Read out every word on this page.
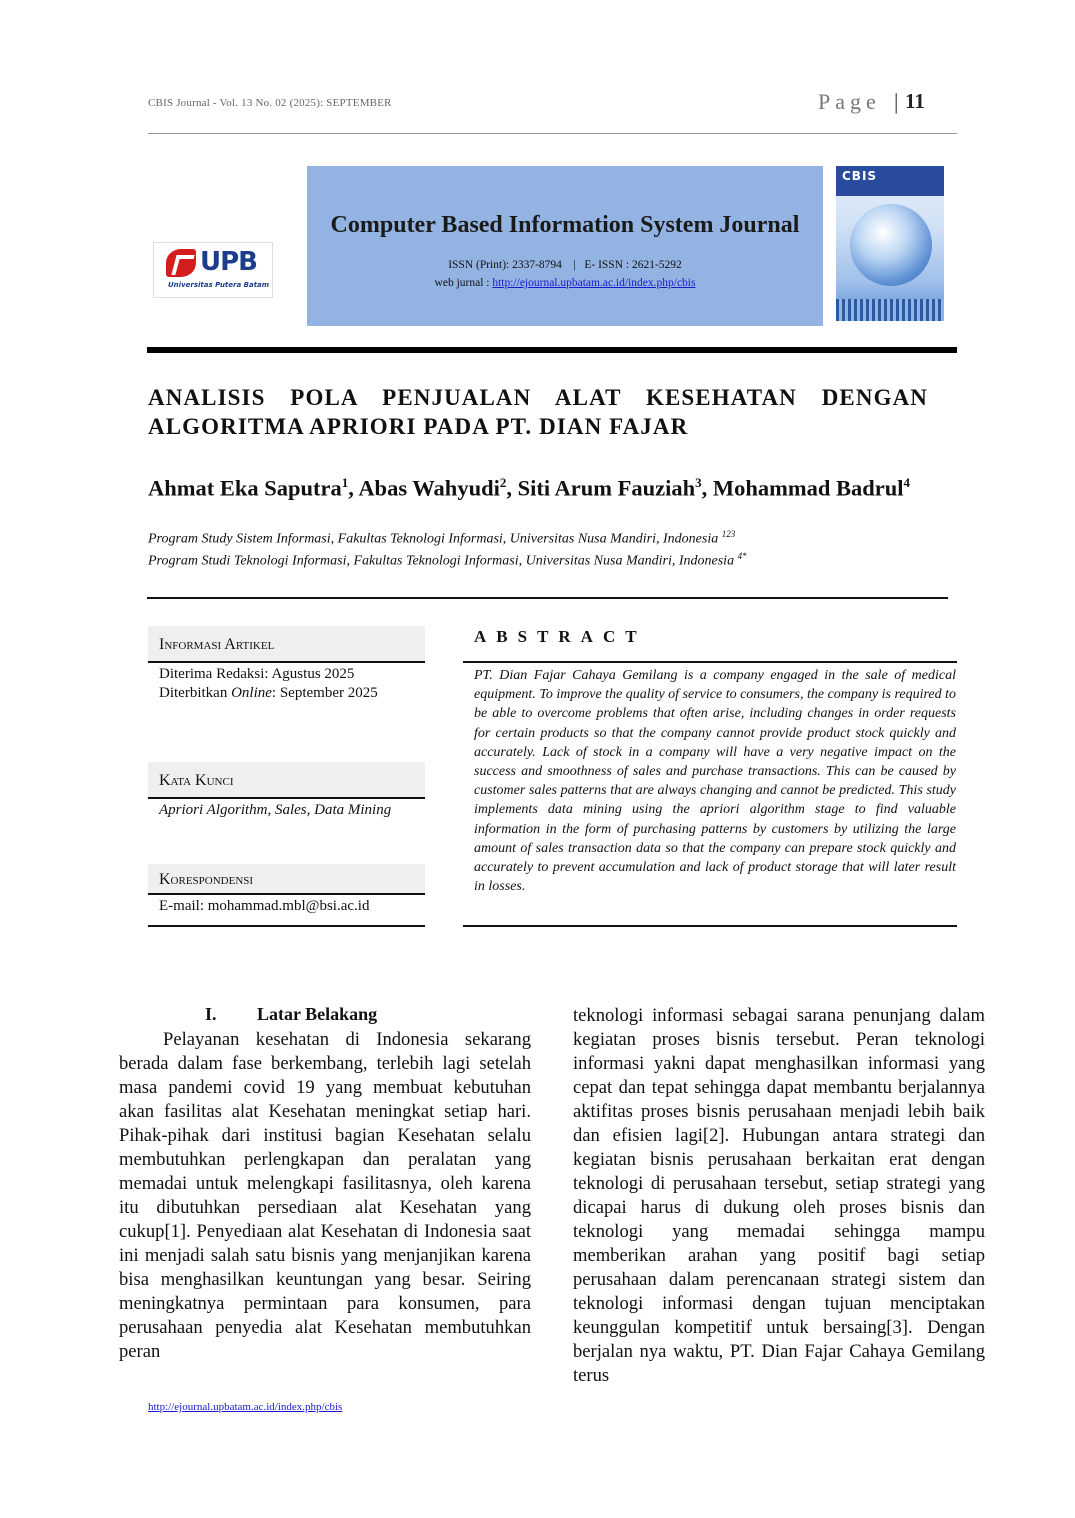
CBIS Journal - Vol. 13 No. 02 (2025): SEPTEMBER	Page | 11
UPB
Universitas Putera Batam
Computer Based Information System Journal
ISSN (Print): 2337-8794    |   E- ISSN : 2621-5292
web jurnal : http://ejournal.upbatam.ac.id/index.php/cbis
CBIS
ANALISIS POLA PENJUALAN ALAT KESEHATAN DENGAN
ALGORITMA APRIORI PADA PT. DIAN FAJAR
Ahmat Eka Saputra$^1$, Abas Wahyudi$^2$, Siti Arum Fauziah$^3$, Mohammad Badrul$^4$
Program Study Sistem Informasi, Fakultas Teknologi Informasi, Universitas Nusa Mandiri, Indonesia $^{123}$
Program Studi Teknologi Informasi, Fakultas Teknologi Informasi, Universitas Nusa Mandiri, Indonesia $^{4*}$
Informasi Artikel
Diterima Redaksi: Agustus 2025
Diterbitkan Online: September 2025
Kata Kunci
Apriori Algorithm, Sales, Data Mining
Korespondensi
E-mail: mohammad.mbl@bsi.ac.id
ABSTRACT
PT. Dian Fajar Cahaya Gemilang is a company engaged in the sale of medical equipment. To improve the quality of service to consumers, the company is required to be able to overcome problems that often arise, including changes in order requests for certain products so that the company cannot provide product stock quickly and accurately. Lack of stock in a company will have a very negative impact on the success and smoothness of sales and purchase transactions. This can be caused by customer sales patterns that are always changing and cannot be predicted. This study implements data mining using the apriori algorithm stage to find valuable information in the form of purchasing patterns by customers by utilizing the large amount of sales transaction data so that the company can prepare stock quickly and accurately to prevent accumulation and lack of product storage that will later result in losses.
I. Latar Belakang
Pelayanan kesehatan di Indonesia sekarang berada dalam fase berkembang, terlebih lagi setelah masa pandemi covid 19 yang membuat kebutuhan akan fasilitas alat Kesehatan meningkat setiap hari. Pihak-pihak dari institusi bagian Kesehatan selalu membutuhkan perlengkapan dan peralatan yang memadai untuk melengkapi fasilitasnya, oleh karena itu dibutuhkan persediaan alat Kesehatan yang cukup[1]. Penyediaan alat Kesehatan di Indonesia saat ini menjadi salah satu bisnis yang menjanjikan karena bisa menghasilkan keuntungan yang besar. Seiring meningkatnya permintaan para konsumen, para perusahaan penyedia alat Kesehatan membutuhkan peran
teknologi informasi sebagai sarana penunjang dalam kegiatan proses bisnis tersebut. Peran teknologi informasi yakni dapat menghasilkan informasi yang cepat dan tepat sehingga dapat membantu berjalannya aktifitas proses bisnis perusahaan menjadi lebih baik dan efisien lagi[2]. Hubungan antara strategi dan kegiatan bisnis perusahaan berkaitan erat dengan teknologi di perusahaan tersebut, setiap strategi yang dicapai harus di dukung oleh proses bisnis dan teknologi yang memadai sehingga mampu memberikan arahan yang positif bagi setiap perusahaan dalam perencanaan strategi sistem dan teknologi informasi dengan tujuan menciptakan keunggulan kompetitif untuk bersaing[3]. Dengan berjalan nya waktu, PT. Dian Fajar Cahaya Gemilang terus
http://ejournal.upbatam.ac.id/index.php/cbis
